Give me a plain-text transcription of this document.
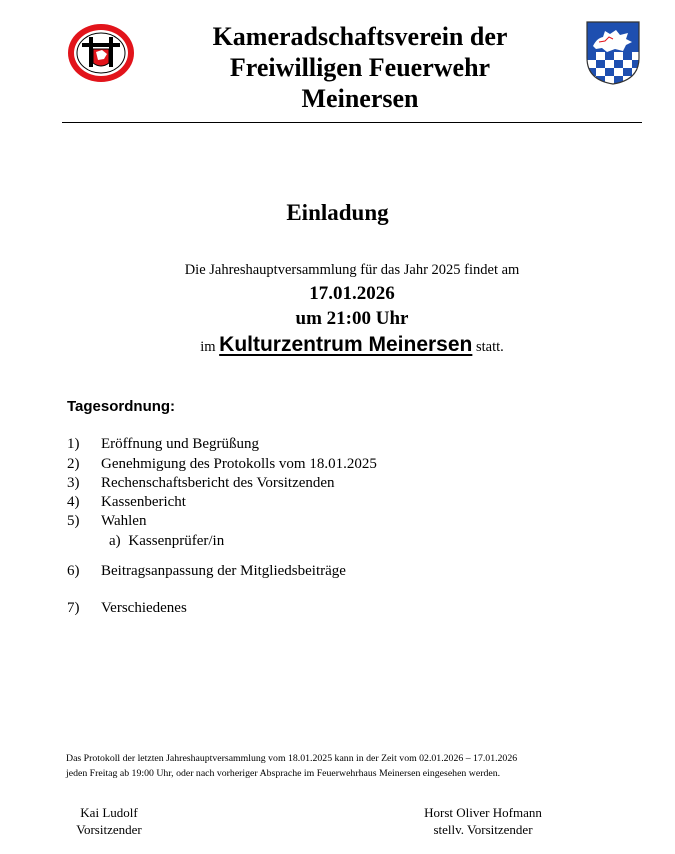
Kameradschaftsverein der
Freiwilligen Feuerwehr
Meinersen
Einladung
Die Jahreshauptversammlung für das Jahr 2025 findet am
17.01.2026
um 21:00 Uhr
im Kulturzentrum Meinersen statt.
Tagesordnung:
1) Eröffnung und Begrüßung
2) Genehmigung des Protokolls vom 18.01.2025
3) Rechenschaftsbericht des Vorsitzenden
4) Kassenbericht
5) Wahlen
a) Kassenprüfer/in
6) Beitragsanpassung der Mitgliedsbeiträge
7) Verschiedenes
Das Protokoll der letzten Jahreshauptversammlung vom 18.01.2025 kann in der Zeit vom 02.01.2026 – 17.01.2026
jeden Freitag ab 19:00 Uhr, oder nach vorheriger Absprache im Feuerwehrhaus Meinersen eingesehen werden.
Kai Ludolf
Vorsitzender
Horst Oliver Hofmann
stellv. Vorsitzender
